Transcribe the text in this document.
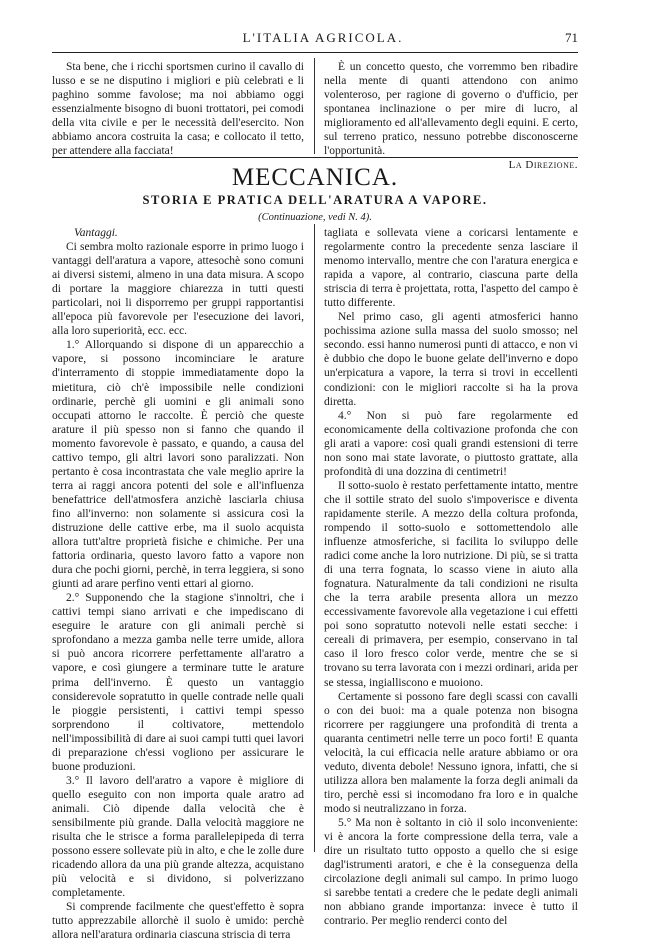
L'ITALIA AGRICOLA.	71

Sta bene, che i ricchi sportsmen curino il cavallo di lusso e se ne disputino i migliori e più celebrati e li paghino somme favolose; ma noi abbiamo oggi essenzialmente bisogno di buoni trottatori, pei comodi della vita civile e per le necessità dell'esercito. Non abbiamo ancora costruita la casa; e collocato il tetto, per attendere alla facciata!

È un concetto questo, che vorremmo ben ribadire nella mente di quanti attendono con animo volenteroso, per ragione di governo o d'ufficio, per spontanea inclinazione o per mire di lucro, al miglioramento ed all'allevamento degli equini. E certo, sul terreno pratico, nessuno potrebbe disconoscerne l'opportunità.

La Direzione.
MECCANICA.
STORIA E PRATICA DELL'ARATURA A VAPORE.
(Continuazione, vedi N. 4).
Vantaggi.

Ci sembra molto razionale esporre in primo luogo i vantaggi dell'aratura a vapore, attesochè sono comuni ai diversi sistemi, almeno in una data misura. A scopo di portare la maggiore chiarezza in tutti questi particolari, noi li disporremo per gruppi rapportantisi all'epoca più favorevole per l'esecuzione dei lavori, alla loro superiorità, ecc. ecc.

1.° Allorquando si dispone di un apparecchio a vapore, si possono incominciare le arature d'interramento di stoppie immediatamente dopo la mietitura, ciò ch'è impossibile nelle condizioni ordinarie, perchè gli uomini e gli animali sono occupati attorno le raccolte. È perciò che queste arature il più spesso non si fanno che quando il momento favorevole è passato, e quando, a causa del cattivo tempo, gli altri lavori sono paralizzati. Non pertanto è cosa incontrastata che vale meglio aprire la terra ai raggi ancora potenti del sole e all'influenza benefattrice dell'atmosfera anzichè lasciarla chiusa fino all'inverno: non solamente si assicura così la distruzione delle cattive erbe, ma il suolo acquista allora tutt'altre proprietà fisiche e chimiche. Per una fattoria ordinaria, questo lavoro fatto a vapore non dura che pochi giorni, perchè, in terra leggiera, si sono giunti ad arare perfino venti ettari al giorno.

2.° Supponendo che la stagione s'innoltri, che i cattivi tempi siano arrivati e che impediscano di eseguire le arature con gli animali perchè si sprofondano a mezza gamba nelle terre umide, allora si può ancora ricorrere perfettamente all'aratro a vapore, e così giungere a terminare tutte le arature prima dell'inverno. È questo un vantaggio considerevole sopratutto in quelle contrade nelle quali le pioggie persistenti, i cattivi tempi spesso sorprendono il coltivatore, mettendolo nell'impossibilità di dare ai suoi campi tutti quei lavori di preparazione ch'essi vogliono per assicurare le buone produzioni.

3.° Il lavoro dell'aratro a vapore è migliore di quello eseguito con non importa quale aratro ad animali. Ciò dipende dalla velocità che è sensibilmente più grande. Dalla velocità maggiore ne risulta che le strisce a forma parallelepipeda di terra possono essere sollevate più in alto, e che le zolle dure ricadendo allora da una più grande altezza, acquistano più velocità e si dividono, si polverizzano completamente.

Si comprende facilmente che quest'effetto è sopra tutto apprezzabile allorchè il suolo è umido: perchè allora nell'aratura ordinaria ciascuna striscia di terra

tagliata e sollevata viene a coricarsi lentamente e regolarmente contro la precedente senza lasciare il menomo intervallo, mentre che con l'aratura energica e rapida a vapore, al contrario, ciascuna parte della striscia di terra è projettata, rotta, l'aspetto del campo è tutto differente.

Nel primo caso, gli agenti atmosferici hanno pochissima azione sulla massa del suolo smosso; nel secondo. essi hanno numerosi punti di attacco, e non vi è dubbio che dopo le buone gelate dell'inverno e dopo un'erpicatura a vapore, la terra si trovi in eccellenti condizioni: con le migliori raccolte si ha la prova diretta.

4.° Non si può fare regolarmente ed economicamente della coltivazione profonda che con gli arati a vapore: così quali grandi estensioni di terre non sono mai state lavorate, o piuttosto grattate, alla profondità di una dozzina di centimetri!

Il sotto-suolo è restato perfettamente intatto, mentre che il sottile strato del suolo s'impoverisce e diventa rapidamente sterile. A mezzo della coltura profonda, rompendo il sotto-suolo e sottomettendolo alle influenze atmosferiche, si facilita lo sviluppo delle radici come anche la loro nutrizione. Di più, se si tratta di una terra fognata, lo scasso viene in aiuto alla fognatura. Naturalmente da tali condizioni ne risulta che la terra arabile presenta allora un mezzo eccessivamente favorevole alla vegetazione i cui effetti poi sono sopratutto notevoli nelle estati secche: i cereali di primavera, per esempio, conservano in tal caso il loro fresco color verde, mentre che se si trovano su terra lavorata con i mezzi ordinari, arida per se stessa, ingialliscono e muoiono.

Certamente si possono fare degli scassi con cavalli o con dei buoi: ma a quale potenza non bisogna ricorrere per raggiungere una profondità di trenta a quaranta centimetri nelle terre un poco forti! E quanta velocità, la cui efficacia nelle arature abbiamo or ora veduto, diventa debole! Nessuno ignora, infatti, che si utilizza allora ben malamente la forza degli animali da tiro, perchè essi si incomodano fra loro e in qualche modo si neutralizzano in forza.

5.° Ma non è soltanto in ciò il solo inconveniente: vi è ancora la forte compressione della terra, vale a dire un risultato tutto opposto a quello che si esige dagl'istrumenti aratori, e che è la conseguenza della circolazione degli animali sul campo. In primo luogo si sarebbe tentati a credere che le pedate degli animali non abbiano grande importanza: invece è tutto il contrario. Per meglio renderci conto del
